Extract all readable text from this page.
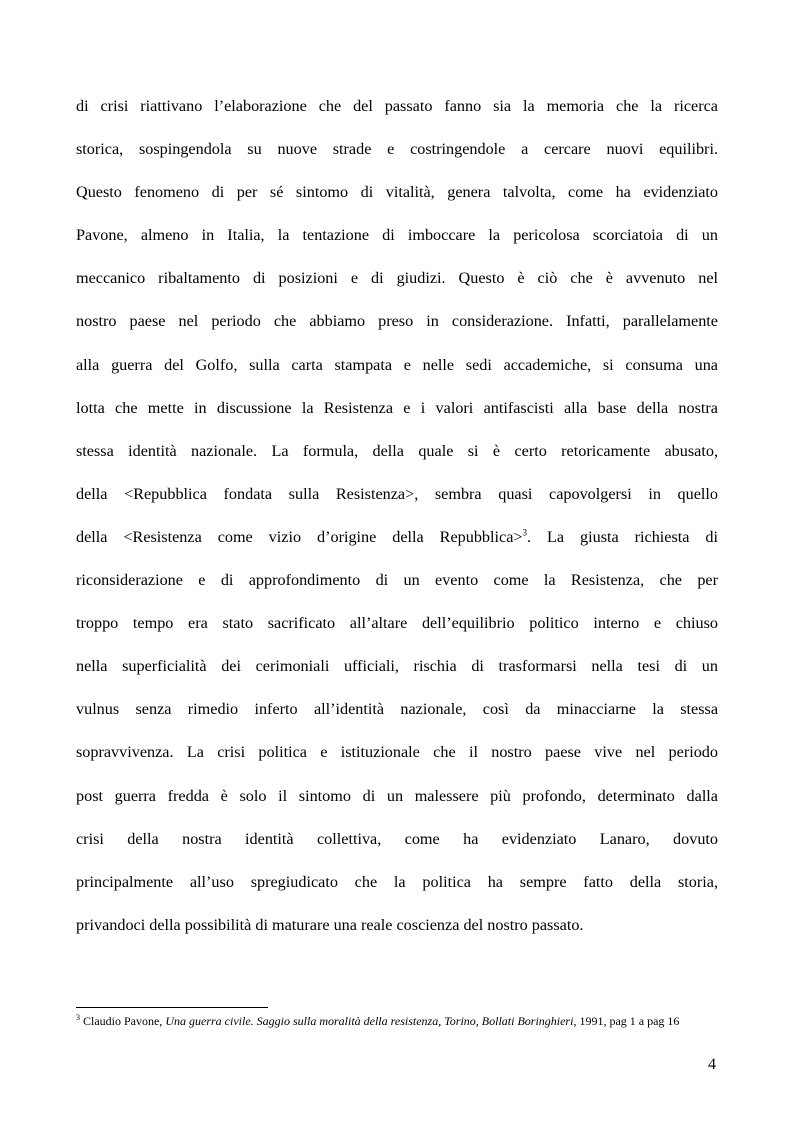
di crisi riattivano l’elaborazione che del passato fanno sia la memoria che la ricerca
storica, sospingendola su nuove strade e costringendole a cercare nuovi equilibri.
Questo fenomeno di per sé sintomo di vitalità, genera talvolta, come ha evidenziato
Pavone, almeno in Italia, la tentazione di imboccare la pericolosa scorciatoia di un
meccanico ribaltamento di posizioni e di giudizi. Questo è ciò che è avvenuto nel
nostro paese nel periodo che abbiamo preso in considerazione. Infatti, parallelamente
alla guerra del Golfo, sulla carta stampata e nelle sedi accademiche, si consuma una
lotta che mette in discussione la Resistenza e i valori antifascisti alla base della nostra
stessa identità nazionale. La formula, della quale si è certo retoricamente abusato,
della <Repubblica fondata sulla Resistenza>, sembra quasi capovolgersi in quello
della <Resistenza come vizio d’origine della Repubblica>$^3$. La giusta richiesta di
riconsiderazione e di approfondimento di un evento come la Resistenza, che per
troppo tempo era stato sacrificato all’altare dell’equilibrio politico interno e chiuso
nella superficialità dei cerimoniali ufficiali, rischia di trasformarsi nella tesi di un
vulnus senza rimedio inferto all’identità nazionale, così da minacciarne la stessa
sopravvivenza. La crisi politica e istituzionale che il nostro paese vive nel periodo
post guerra fredda è solo il sintomo di un malessere più profondo, determinato dalla
crisi della nostra identità collettiva, come ha evidenziato Lanaro, dovuto
principalmente all’uso spregiudicato che la politica ha sempre fatto della storia,
privandoci della possibilità di maturare una reale coscienza del nostro passato.
$^3$ Claudio Pavone, Una guerra civile. Saggio sulla moralità della resistenza, Torino, Bollati Boringhieri, 1991, pag 1 a pag 16
4
